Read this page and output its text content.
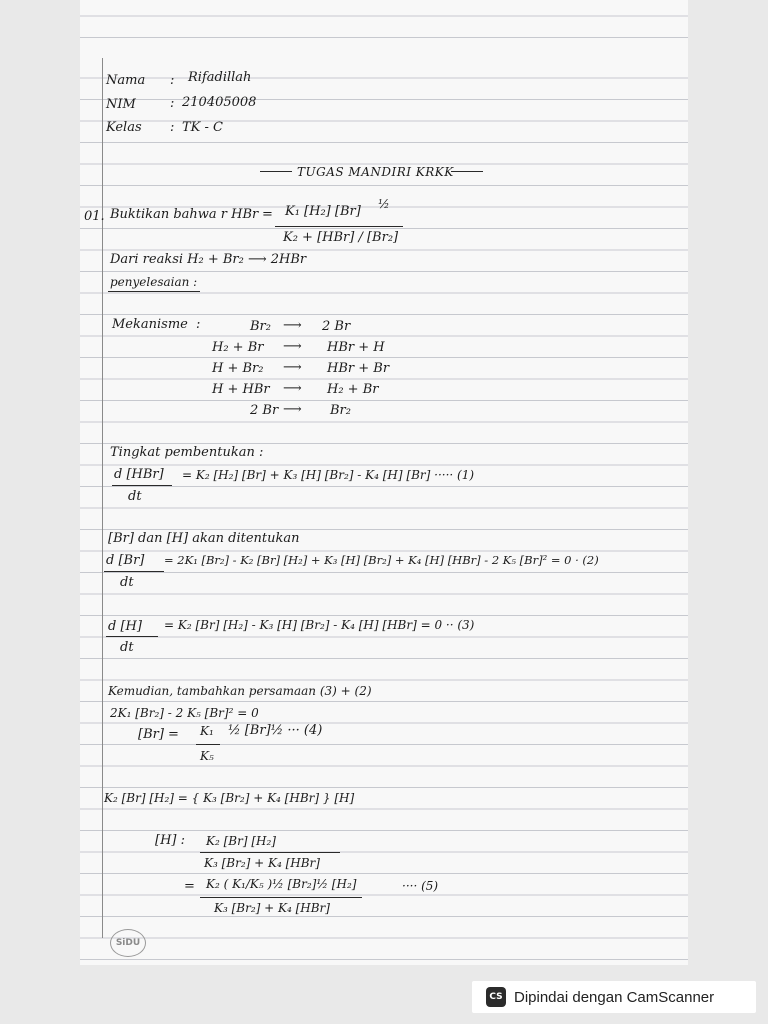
Nama : Rifadillah
NIM	: 210405008
Kelas : TK - C
TUGAS MANDIRI KRKK
01. Buktikan bahwa r HBr = K₁ [H₂] [Br] ½
K₂ + [HBr] / [Br₂]
Dari reaksi H₂ + Br₂ ⟶ 2HBr
penyelesaian :
Mekanisme :	Br₂ ⟶ 2 Br
H₂ + Br ⟶ HBr + H
H + Br₂ ⟶ HBr + Br
H + HBr ⟶ H₂ + Br
2 Br ⟶ Br₂
Tingkat pembentukan :
d [HBr]
dt
= K₂ [H₂] [Br] + K₃ [H] [Br₂] - K₄ [H] [Br] ····· (1)
[Br] dan [H] akan ditentukan
d [Br]
dt
= 2K₁ [Br₂] - K₂ [Br] [H₂] + K₃ [H] [Br₂] + K₄ [H] [HBr] - 2 K₅ [Br]² = 0 · (2)
d [H]
dt
= K₂ [Br] [H₂] - K₃ [H] [Br₂] - K₄ [H] [HBr] = 0 ·· (3)
Kemudian, tambahkan persamaan (3) + (2)
2K₁ [Br₂] - 2 K₅ [Br]² = 0
[Br] = K₁
K₅
½ [Br]½ ··· (4)
K₂ [Br] [H₂] = { K₃ [Br₂] + K₄ [HBr] } [H]
[H] : K₂ [Br] [H₂]
K₃ [Br₂] + K₄ [HBr]
= K₂ ( K₁/K₅ )½ [Br₂]½ [H₂]
K₃ [Br₂] + K₄ [HBr]
···· (5)
SiDU
CS Dipindai dengan CamScanner
